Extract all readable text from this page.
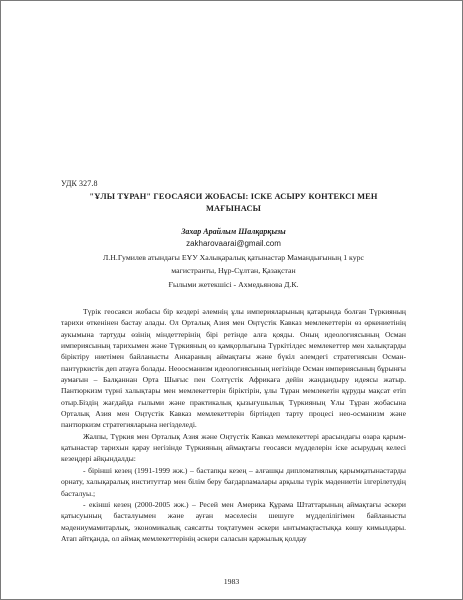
УДК 327.8
"ҰЛЫ ТҰРАН" ГЕОСАЯСИ ЖОБАСЫ: ІСКЕ АСЫРУ КОНТЕКСІ МЕН МАҒЫНАСЫ
Захар Арайлым Шалқарқызы
zakharovaarai@gmail.com
Л.Н.Гумилев атындағы ЕҰУ Халықаралық қатынастар Мамандығының 1 курс
магистранты, Нұр-Сұлтан, Қазақстан
Ғылыми жетекшісі - Ахмедьянова Д.К.

Түрік геосаяси жобасы бір кездері әлемнің ұлы империяларының қатарында болған Түркияның тарихи өткенінен бастау алады. Ол Орталық Азия мен Оңтүстік Кавказ мемлекеттерін өз өркениетінің аукымына тартуды өзінің міндеттерінің бірі ретінде алға қояды. Оның идеологиясының Осман империясының тарихымен және Түркияның өз қамқорлығына Түркітілдес мемлекеттер мен халықтарды біріктіру ниетімен байланысты Анкараның аймақтағы және бүкіл әлемдегі стратегиясын Осман-пантүркистік деп атауға болады. Неоосманизм идеологиясының негізінде Осман империясының бұрынғы аумағын – Балқаннан Орта Шығыс пен Солтүстік Африкаға дейін жандандыру идеясы жатыр. Пантюркизм түрні халықтары мен мемлекеттерін біріктірін, ұлы Тұран мемлекетін құруды мақсат етіп отыр.Біздің жағдайда ғылыми және практикалық қызығушылық Түркияның Ұлы Тұран жобасына Орталық Азия мен Оңтүстік Кавказ мемлекеттерін біртіндеп тарту процесі нео-османизм және пантюркизм стратегияларына негізделеді.

Жалпы, Түркия мен Орталық Азия және Оңтүстік Кавказ мемлекеттері арасындағы өзара қарым-қатынастар тарихын қарау негізінде Түркияның аймақтағы геосаяси мүдделерін іске асырудың келесі кезеңдері айқындалды:

- бірінші кезең (1991-1999 жж.) – бастапқы кезең – алғашқы дипломатиялық қарымқатынастарды орнату, халықаралық институттар мен білім беру бағдарламалары арқылы түрік мәдениетін ілгерілетудің басталуы.;

- екінші кезең (2000-2005 жж.) – Ресей мен Америка Құрама Штаттарының аймақтағы әскери қатысуының басталуымен және ауған мәселесін шешуге мүдделілігімен байланысты мәдениумамитарлық, экономикалық саясатты тоқтатумен әскери ынтымақтастыққа көшу кимылдары. Атап айтқанда, ол аймақ мемлекеттерінің әскери саласын қаржылық қолдау

1983
